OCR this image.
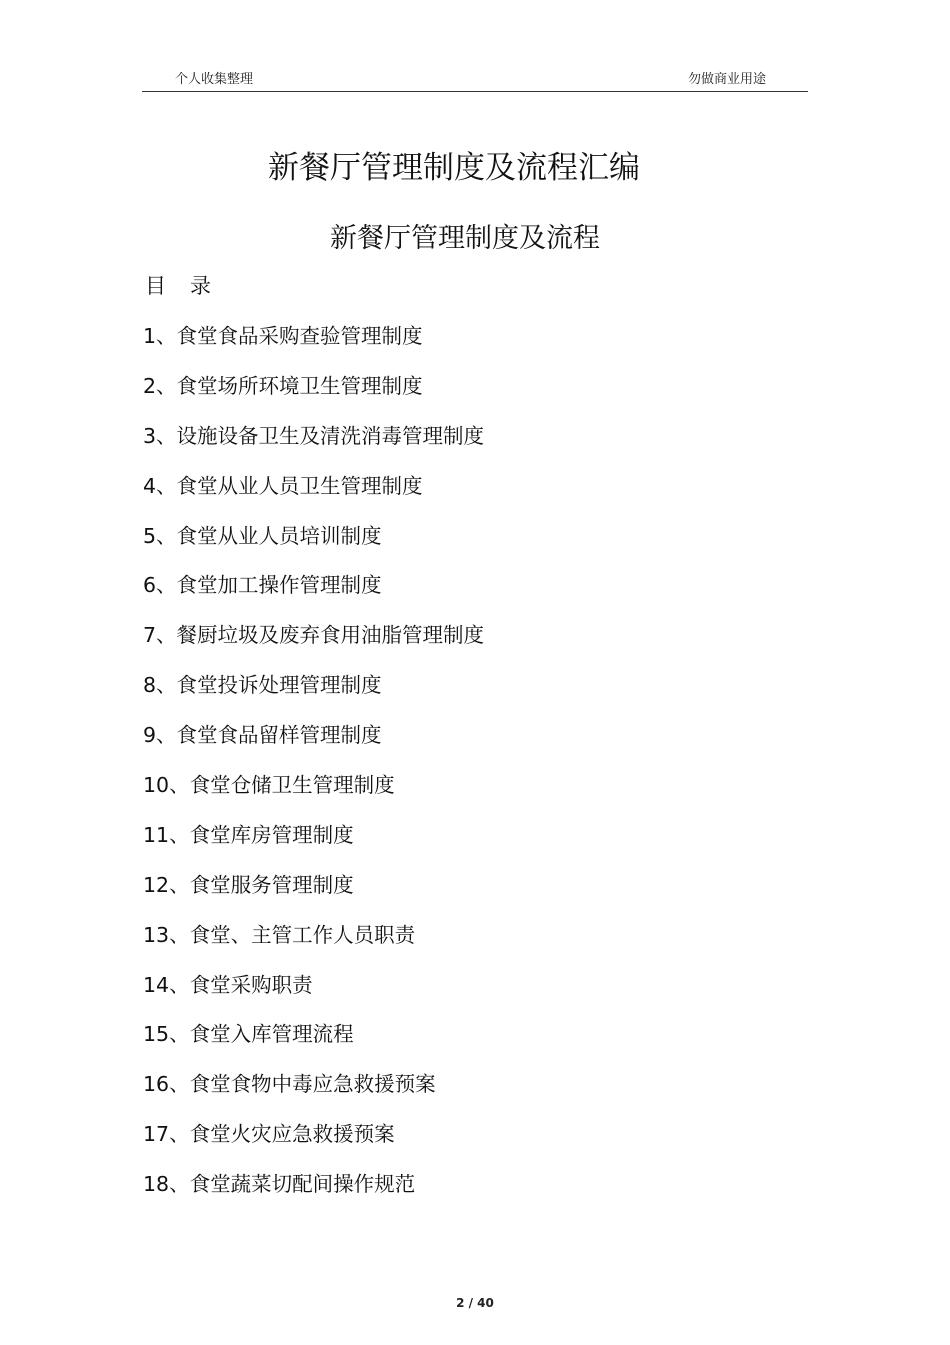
个人收集整理	勿做商业用途
新餐厅管理制度及流程汇编
新餐厅管理制度及流程
目录
1、食堂食品采购查验管理制度
2、食堂场所环境卫生管理制度
3、设施设备卫生及清洗消毒管理制度
4、食堂从业人员卫生管理制度
5、食堂从业人员培训制度
6、食堂加工操作管理制度
7、餐厨垃圾及废弃食用油脂管理制度
8、食堂投诉处理管理制度
9、食堂食品留样管理制度
10、食堂仓储卫生管理制度
11、食堂库房管理制度
12、食堂服务管理制度
13、食堂、主管工作人员职责
14、食堂采购职责
15、食堂入库管理流程
16、食堂食物中毒应急救援预案
17、食堂火灾应急救援预案
18、食堂蔬菜切配间操作规范
2 / 40
